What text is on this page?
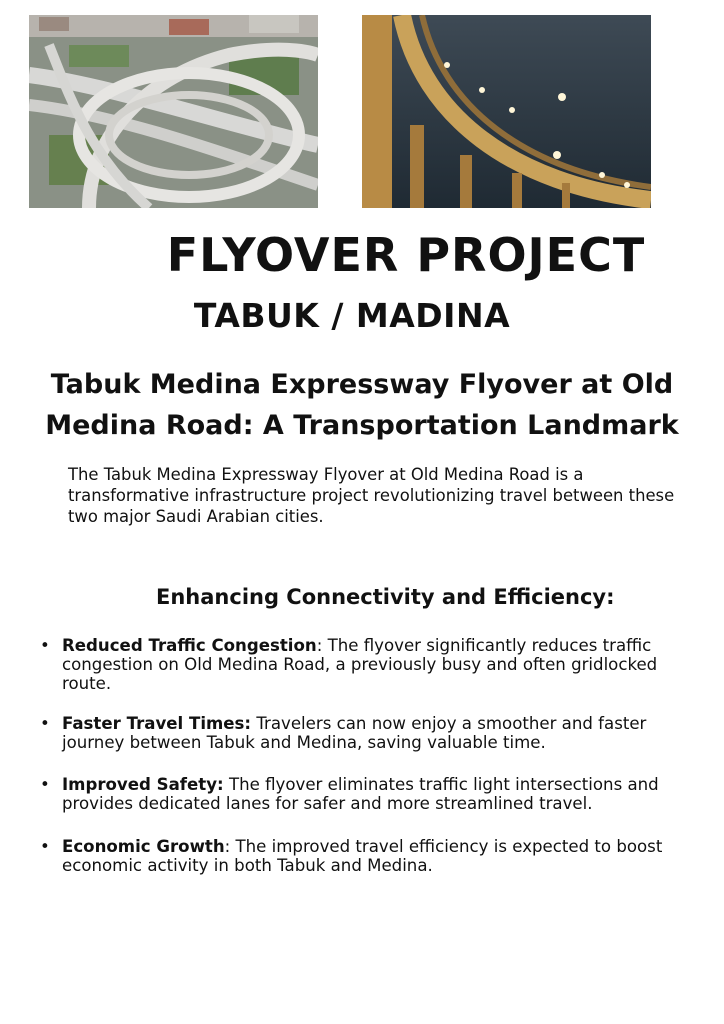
FLYOVER PROJECT
TABUK / MADINA
Tabuk Medina Expressway Flyover at Old
Medina Road: A Transportation Landmark

The Tabuk Medina Expressway Flyover at Old Medina Road is a transformative infrastructure project revolutionizing travel between these two major Saudi Arabian cities.

Enhancing Connectivity and Efficiency:
• Reduced Traffic Congestion: The flyover significantly reduces traffic congestion on Old Medina Road, a previously busy and often gridlocked route.
• Faster Travel Times: Travelers can now enjoy a smoother and faster journey between Tabuk and Medina, saving valuable time.
• Improved Safety: The flyover eliminates traffic light intersections and provides dedicated lanes for safer and more streamlined travel.
• Economic Growth: The improved travel efficiency is expected to boost economic activity in both Tabuk and Medina.
